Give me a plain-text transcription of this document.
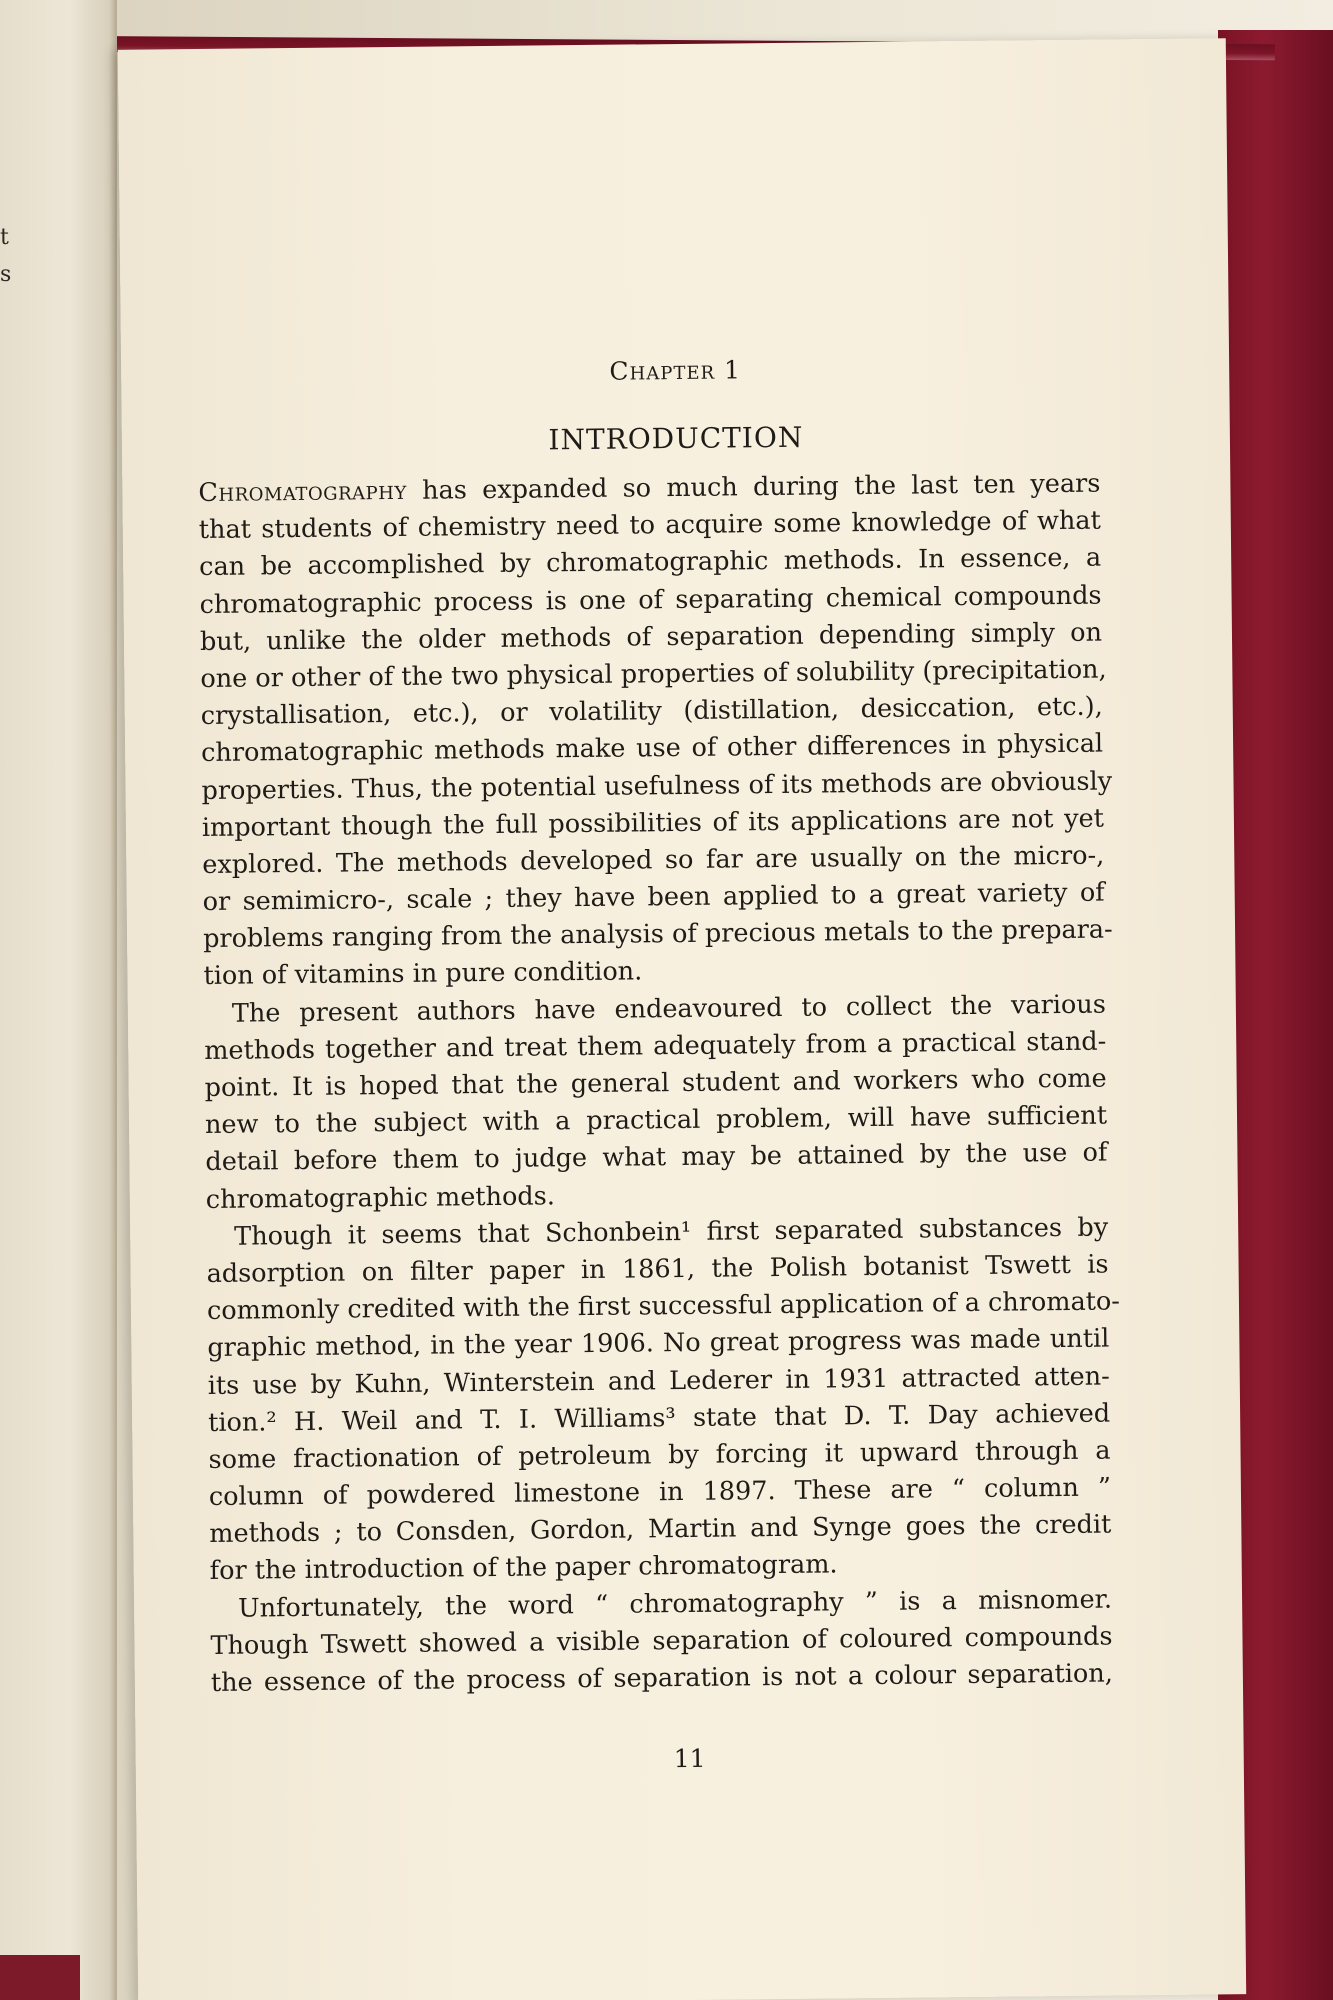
t
s
Chapter 1
INTRODUCTION
Chromatography has expanded so much during the last ten years
that students of chemistry need to acquire some knowledge of what
can be accomplished by chromatographic methods. In essence, a
chromatographic process is one of separating chemical compounds
but, unlike the older methods of separation depending simply on
one or other of the two physical properties of solubility (precipitation,
crystallisation, etc.), or volatility (distillation, desiccation, etc.),
chromatographic methods make use of other differences in physical
properties. Thus, the potential usefulness of its methods are obviously
important though the full possibilities of its applications are not yet
explored. The methods developed so far are usually on the micro-,
or semimicro-, scale ; they have been applied to a great variety of
problems ranging from the analysis of precious metals to the prepara-
tion of vitamins in pure condition.
The present authors have endeavoured to collect the various
methods together and treat them adequately from a practical stand-
point. It is hoped that the general student and workers who come
new to the subject with a practical problem, will have sufficient
detail before them to judge what may be attained by the use of
chromatographic methods.
Though it seems that Schonbein¹ first separated substances by
adsorption on filter paper in 1861, the Polish botanist Tswett is
commonly credited with the first successful application of a chromato-
graphic method, in the year 1906. No great progress was made until
its use by Kuhn, Winterstein and Lederer in 1931 attracted atten-
tion.² H. Weil and T. I. Williams³ state that D. T. Day achieved
some fractionation of petroleum by forcing it upward through a
column of powdered limestone in 1897. These are “ column ”
methods ; to Consden, Gordon, Martin and Synge goes the credit
for the introduction of the paper chromatogram.
Unfortunately, the word “ chromatography ” is a misnomer.
Though Tswett showed a visible separation of coloured compounds
the essence of the process of separation is not a colour separation,
11
